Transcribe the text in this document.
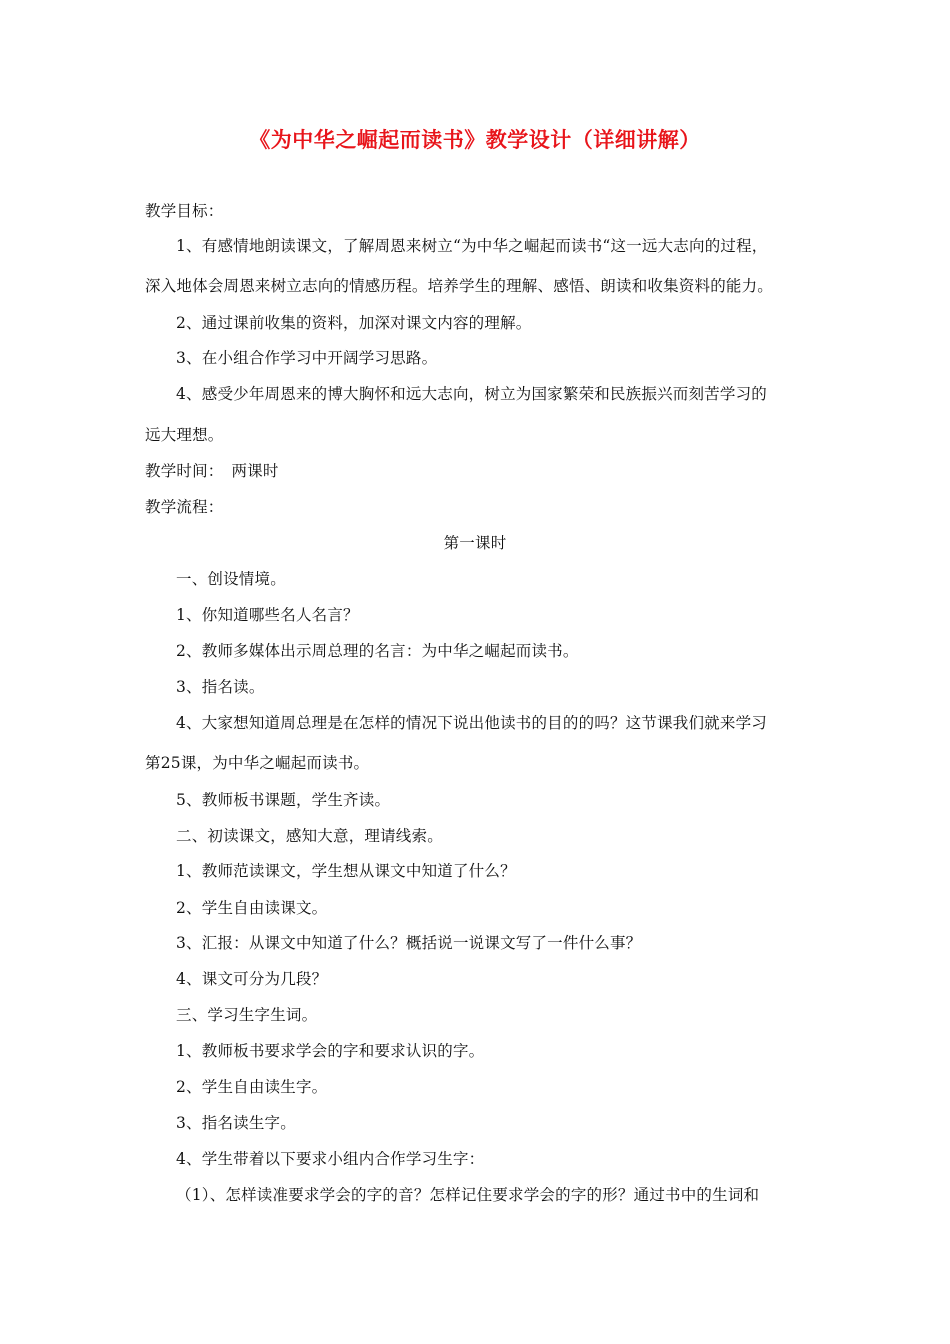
《为中华之崛起而读书》教学设计（详细讲解）
教学目标：
1、有感情地朗读课文，了解周恩来树立“为中华之崛起而读书“这一远大志向的过程，
深入地体会周恩来树立志向的情感历程。培养学生的理解、感悟、朗读和收集资料的能力。
2、通过课前收集的资料，加深对课文内容的理解。
3、在小组合作学习中开阔学习思路。
4、感受少年周恩来的博大胸怀和远大志向，树立为国家繁荣和民族振兴而刻苦学习的
远大理想。
教学时间：　两课时
教学流程：
第一课时
一、创设情境。
1、你知道哪些名人名言？
2、教师多媒体出示周总理的名言：为中华之崛起而读书。
3、指名读。
4、大家想知道周总理是在怎样的情况下说出他读书的目的的吗？这节课我们就来学习
第25课，为中华之崛起而读书。
5、教师板书课题，学生齐读。
二、初读课文，感知大意，理请线索。
1、教师范读课文，学生想从课文中知道了什么？
2、学生自由读课文。
3、汇报：从课文中知道了什么？概括说一说课文写了一件什么事？
4、课文可分为几段？
三、学习生字生词。
1、教师板书要求学会的字和要求认识的字。
2、学生自由读生字。
3、指名读生字。
4、学生带着以下要求小组内合作学习生字：
（1）、怎样读准要求学会的字的音？怎样记住要求学会的字的形？通过书中的生词和
